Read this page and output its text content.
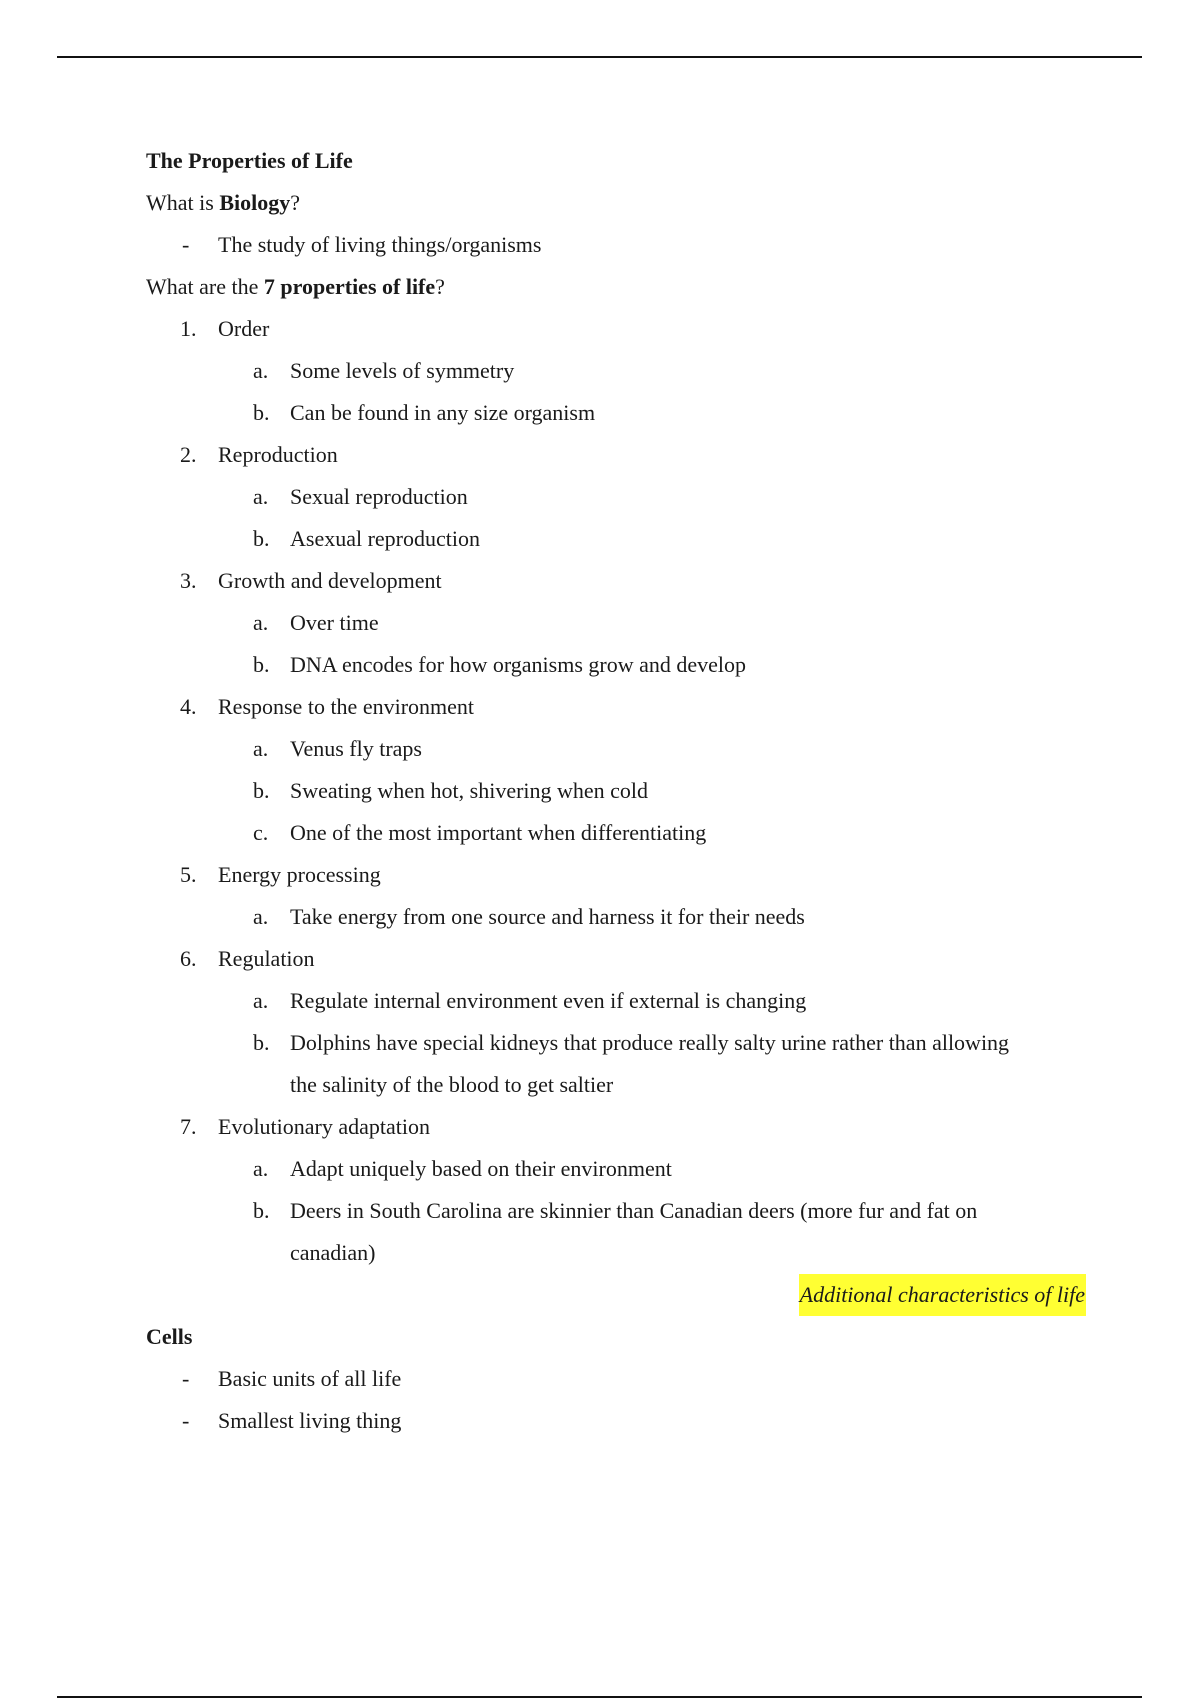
The Properties of Life
What is Biology?
- The study of living things/organisms
What are the 7 properties of life?
1. Order
a. Some levels of symmetry
b. Can be found in any size organism
2. Reproduction
a. Sexual reproduction
b. Asexual reproduction
3. Growth and development
a. Over time
b. DNA encodes for how organisms grow and develop
4. Response to the environment
a. Venus fly traps
b. Sweating when hot, shivering when cold
c. One of the most important when differentiating
5. Energy processing
a. Take energy from one source and harness it for their needs
6. Regulation
a. Regulate internal environment even if external is changing
b. Dolphins have special kidneys that produce really salty urine rather than allowing
the salinity of the blood to get saltier
7. Evolutionary adaptation
a. Adapt uniquely based on their environment
b. Deers in South Carolina are skinnier than Canadian deers (more fur and fat on
canadian)
Additional characteristics of life
Cells
- Basic units of all life
- Smallest living thing
